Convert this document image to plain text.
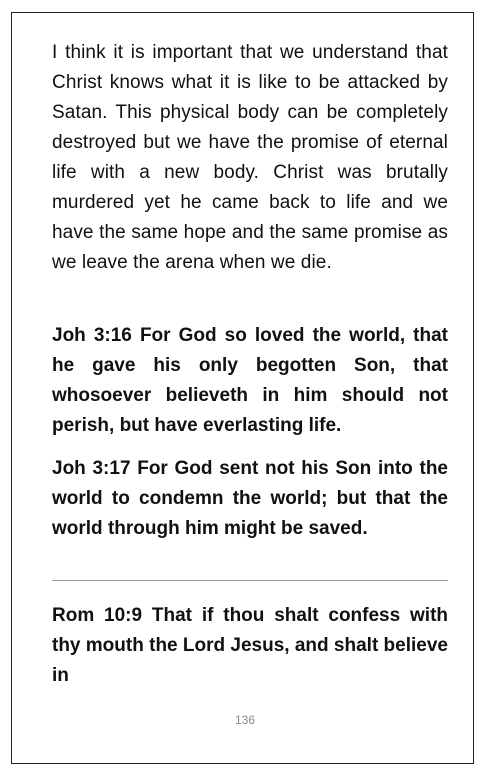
I think it is important that we understand that Christ knows what it is like to be attacked by Satan. This physical body can be completely destroyed but we have the promise of eternal life with a new body. Christ was brutally murdered yet he came back to life and we have the same hope and the same promise as we leave the arena when we die.

Joh 3:16 For God so loved the world, that he gave his only begotten Son, that whosoever believeth in him should not perish, but have everlasting life.

Joh 3:17 For God sent not his Son into the world to condemn the world; but that the world through him might be saved.

Rom 10:9 That if thou shalt confess with thy mouth the Lord Jesus, and shalt believe in

136
